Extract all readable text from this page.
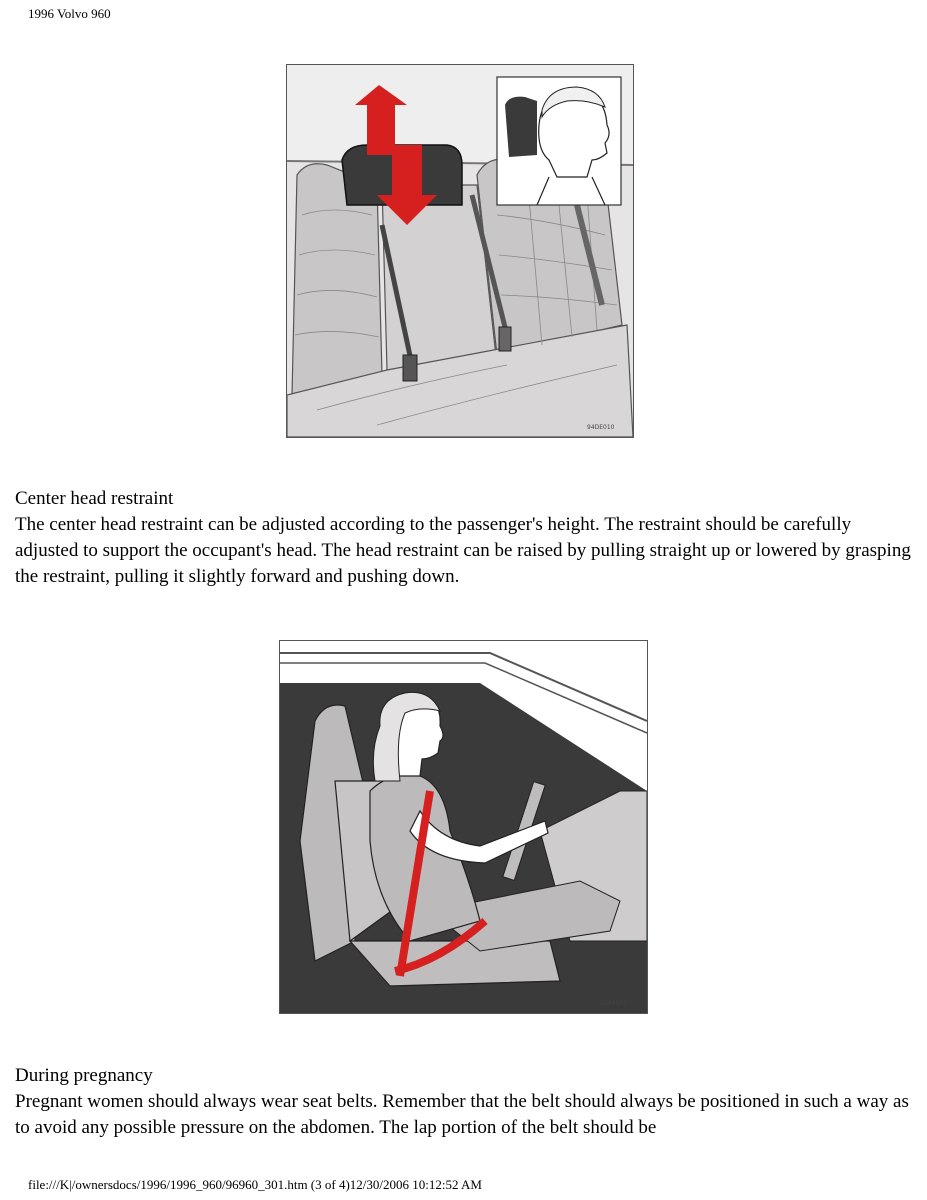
1996 Volvo 960
94DE010

Center head restraint

The center head restraint can be adjusted according to the passenger's height. The restraint should be carefully adjusted to support the occupant's head. The head restraint can be raised by pulling straight up or lowered by grasping the restraint, pulling it slightly forward and pushing down.

92A9050

During pregnancy

Pregnant women should always wear seat belts. Remember that the belt should always be positioned in such a way as to avoid any possible pressure on the abdomen. The lap portion of the belt should be

file:///K|/ownersdocs/1996/1996_960/96960_301.htm (3 of 4)12/30/2006 10:12:52 AM
